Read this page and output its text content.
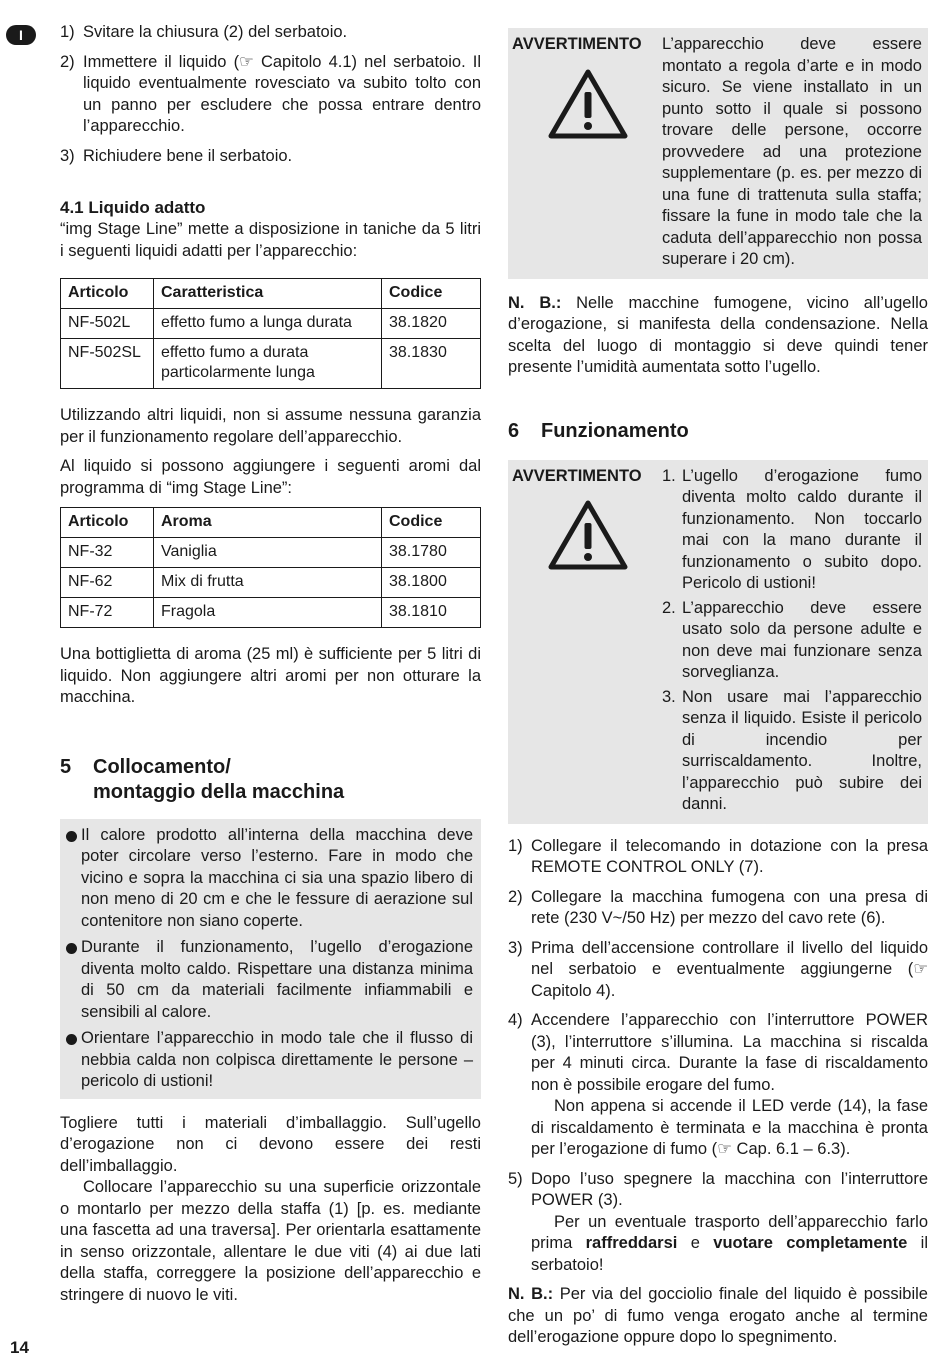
I	1) Svitare la chiusura (2) del serbatoio.
2) Immettere il liquido (☞ Capitolo 4.1) nel serbatoio. Il liquido eventualmente rovesciato va subito tolto con un panno per escludere che possa entrare dentro l’apparecchio.
3) Richiudere bene il serbatoio.
4.1 Liquido adatto

“img Stage Line” mette a disposizione in taniche da 5 litri i seguenti liquidi adatti per l’apparecchio:

Articolo	Caratteristica	Codice
NF-502L	effetto fumo a lunga durata	38.1820
NF-502SL	effetto fumo a durata particolarmente lunga	38.1830

Utilizzando altri liquidi, non si assume nessuna garanzia per il funzionamento regolare dell’apparecchio.

Al liquido si possono aggiungere i seguenti aromi dal programma di “img Stage Line”:

Articolo	Aroma	Codice
NF-32	Vaniglia	38.1780
NF-62	Mix di frutta	38.1800
NF-72	Fragola	38.1810

Una bottiglietta di aroma (25 ml) è sufficiente per 5 litri di liquido. Non aggiungere altri aromi per non otturare la macchina.

5	Collocamento/
montaggio della macchina
Il calore prodotto all’interna della macchina deve poter circolare verso l’esterno. Fare in modo che vicino e sopra la macchina ci sia una spazio libero di non meno di 20 cm e che le fessure di aerazione sul contenitore non siano coperte.
Durante il funzionamento, l’ugello d’erogazione diventa molto caldo. Rispettare una distanza minima di 50 cm da materiali facilmente infiammabili e sensibili al calore.
Orientare l’apparecchio in modo tale che il flusso di nebbia calda non colpisca direttamente le persone – pericolo di ustioni!

Togliere tutti i materiali d’imballaggio. Sull’ugello d’erogazione non ci devono essere dei resti dell’imballaggio.

Collocare l’apparecchio su una superficie orizzontale o montarlo per mezzo della staffa (1) [p. es. mediante una fascetta ad una traversa]. Per orientarla esattamente in senso orizzontale, allentare le due viti (4) ai due lati della staffa, correggere la posizione dell’apparecchio e stringere di nuovo le viti.

AVVERTIMENTO	L’apparecchio deve essere montato a regola d’arte e in modo sicuro. Se viene installato in un punto sotto il quale si possono trovare delle persone, occorre provvedere ad una protezione supplementare (p. es. per mezzo di una fune di trattenuta sulla staffa; fissare la fune in modo tale che la caduta dell’apparecchio non possa superare i 20 cm).

N. B.: Nelle macchine fumogene, vicino all’ugello d’erogazione, si manifesta della condensazione. Nella scelta del luogo di montaggio si deve quindi tener presente l’umidità aumentata sotto l’ugello.

6	Funzionamento
AVVERTIMENTO	1. L’ugello d’erogazione fumo diventa molto caldo durante il funzionamento. Non toccarlo mai con la mano durante il funzionamento o subito dopo. Pericolo di ustioni!
2. L’apparecchio deve essere usato solo da persone adulte e non deve mai funzionare senza sorveglianza.
3. Non usare mai l’apparecchio senza il liquido. Esiste il pericolo di incendio per surriscaldamento. Inoltre, l’apparecchio può subire dei danni.
1) Collegare il telecomando in dotazione con la presa REMOTE CONTROL ONLY (7).
2) Collegare la macchina fumogena con una presa di rete (230 V~/50 Hz) per mezzo del cavo rete (6).
3) Prima dell’accensione controllare il livello del liquido nel serbatoio e eventualmente aggiungerne (☞ Capitolo 4).
4) Accendere l’apparecchio con l’interruttore POWER (3), l’interruttore s’illumina. La macchina si riscalda per 4 minuti circa. Durante la fase di riscaldamento non è possibile erogare del fumo.
Non appena si accende il LED verde (14), la fase di riscaldamento è terminata e la macchina è pronta per l’erogazione di fumo (☞ Cap. 6.1 – 6.3).
5) Dopo l’uso spegnere la macchina con l’interruttore POWER (3).
Per un eventuale trasporto dell’apparecchio farlo prima raffreddarsi e vuotare completamente il serbatoio!

N. B.: Per via del gocciolio finale del liquido è possibile che un po’ di fumo venga erogato anche al termine dell’erogazione oppure dopo lo spegnimento.

14
